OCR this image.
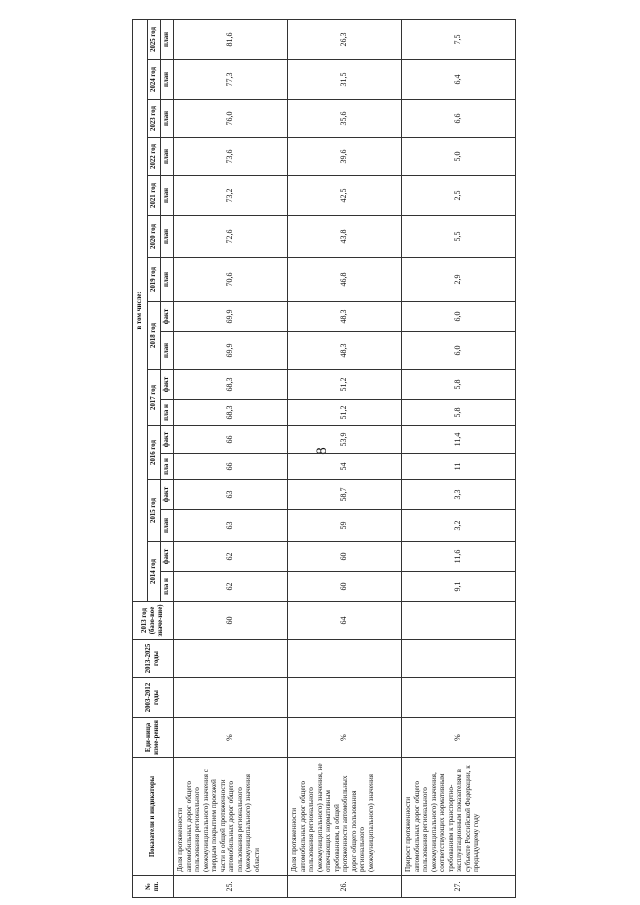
8
№ пп.	Показатели и индикаторы	Еди-ница изме-рения	2003-2012 годы	2013-2025 годы	2013 год (базо-вое значе-ние)	в том числе:																
						2014 год		2015 год		2016 год		2017 год		2018 год		2019 год	2020 год	2021 год	2022 год	2023 год	2024 год	2025 год
						пла н	факт	план	факт	пла н	факт	пла н	факт	план	факт	план	план	план	план	план	план	план
25.	Доля протяженности автомобильных дорог общего пользования регионального (межмуниципального) значения с твердым покрытием проезжей части в общей протяженности автомобильных дорог общего пользования регионального (межмуниципального) значения области	%			60	62	62	63	63	66	66	68,3	68,3	69,9	69,9	70,6	72,6	73,2	73,6	76,0	77,3	81,6
26.	Доля протяженности автомобильных дорог общего пользования регионального (межмуниципального) значения, не отвечающих нормативным требованиям, в общей протяженности автомобильных дорог общего пользования регионального (межмуниципального) значения	%			64	60	60	59	58,7	54	53,9	51,2	51,2	48,3	48,3	46,8	43,8	42,5	39,6	35,6	31,5	26,3
27.	Прирост протяженности автомобильных дорог общего пользования регионального (межмуниципального) значения, соответствующих нормативным требованиям к транспортно-эксплуатационным показателям в субъекте Российской Федерации, к предыдущему году	%				9,1	11,6	3,2	3,3	11	11,4	5,8	5,8	6,0	6,0	2,9	5,5	2,5	5,0	6,6	6,4	7,5
